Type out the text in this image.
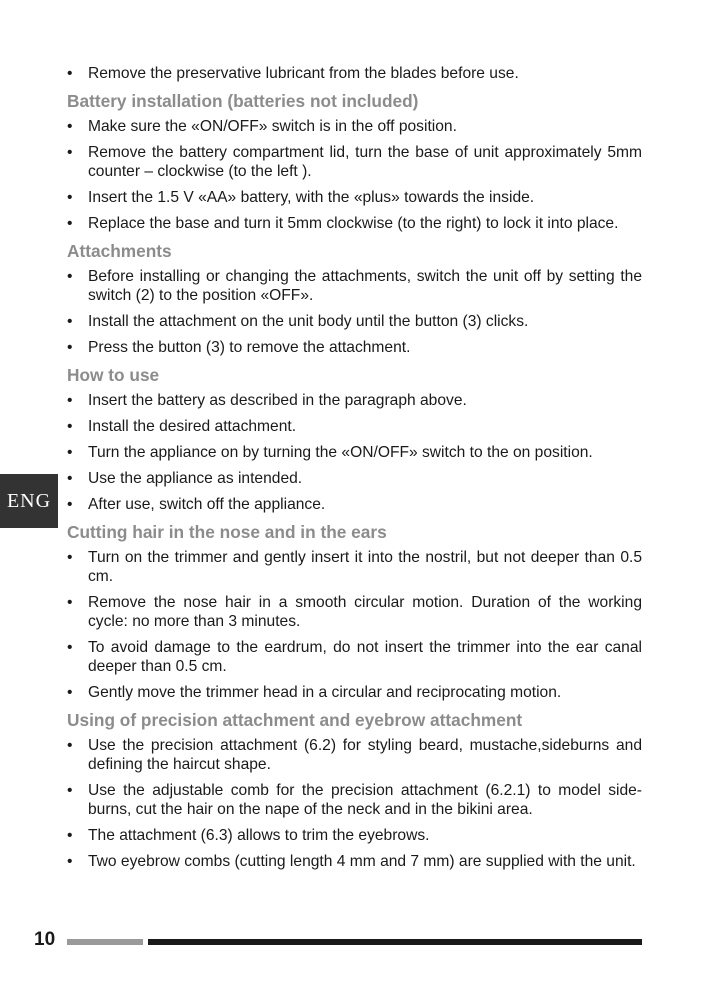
• Remove the preservative lubricant from the blades before use.
Battery installation (batteries not included)
• Make sure the «ON/OFF» switch is in the off position.
• Remove the battery compartment lid, turn the base of unit approximately 5mm counter – clockwise (to the left ).
• Insert the 1.5 V «AA» battery, with the «plus» towards the inside.
• Replace the base and turn it 5mm clockwise (to the right) to lock it into place.
Attachments
• Before installing or changing the attachments, switch the unit off by setting the switch (2) to the position «OFF».
• Install the attachment on the unit body until the button (3) clicks.
• Press the button (3) to remove the attachment.
How to use
• Insert the battery as described in the paragraph above.
• Install the desired attachment.
• Turn the appliance on by turning the «ON/OFF» switch to the on position.
• Use the appliance as intended.
• After use, switch off the appliance.
Cutting hair in the nose and in the ears
• Turn on the trimmer and gently insert it into the nostril, but not deeper than 0.5 cm.
• Remove the nose hair in a smooth circular motion. Duration of the working cycle: no more than 3 minutes.
• To avoid damage to the eardrum, do not insert the trimmer into the ear canal deeper than 0.5 cm.
• Gently move the trimmer head in a circular and reciprocating motion.
Using of precision attachment and eyebrow attachment
• Use the precision attachment (6.2) for styling beard, mustache,sideburns and defining the haircut shape.
• Use the adjustable comb for the precision attachment (6.2.1) to model side-burns, cut the hair on the nape of the neck and in the bikini area.
• The attachment (6.3) allows to trim the eyebrows.
• Two eyebrow combs (cutting length 4 mm and 7 mm) are supplied with the unit.
ENG
10
